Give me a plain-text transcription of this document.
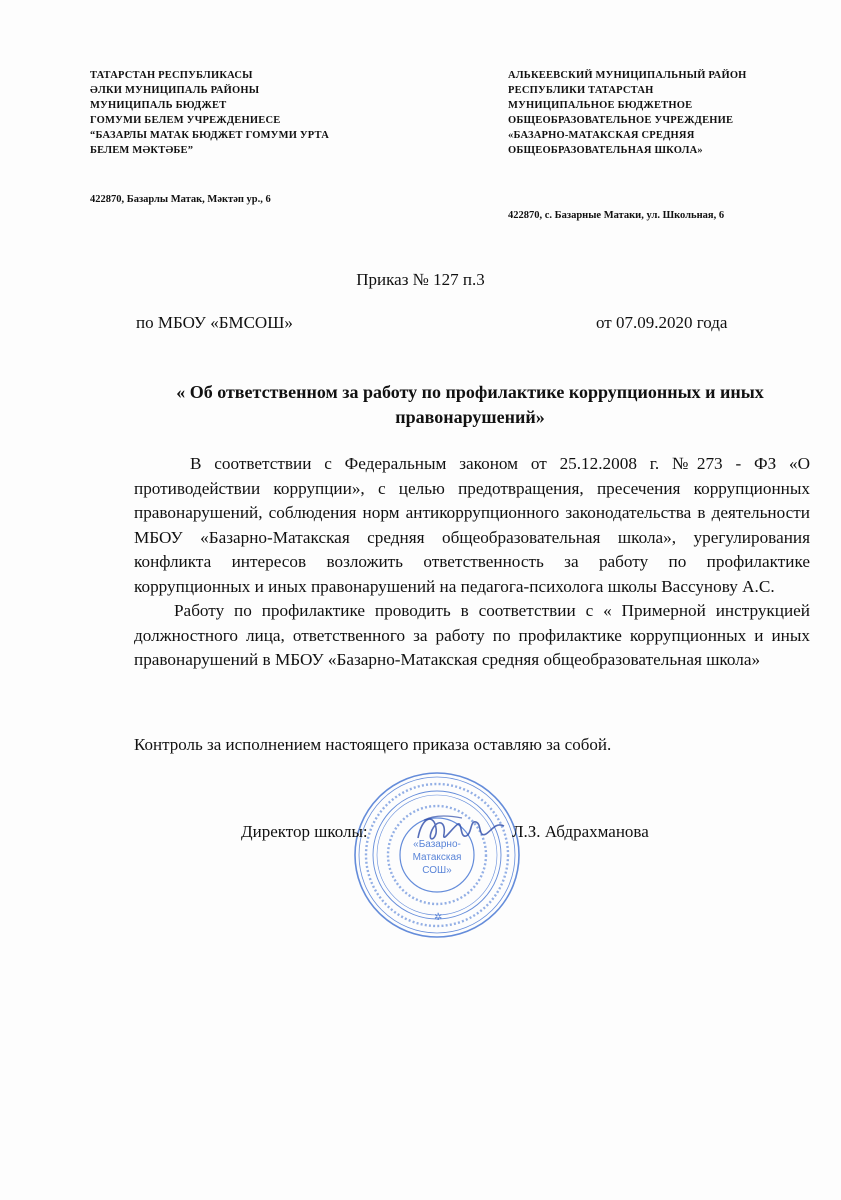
ТАТАРСТАН РЕСПУБЛИКАСЫ
ӘЛКИ МУНИЦИПАЛЬ РАЙОНЫ
МУНИЦИПАЛЬ БЮДЖЕТ
ГОМУМИ БЕЛЕМ УЧРЕЖДЕНИЕСЕ
“БАЗАРЛЫ МАТАК БЮДЖЕТ ГОМУМИ УРТА
БЕЛЕМ МӘКТӘБЕ”
422870, Базарлы Матак, Мәктәп ур., 6
АЛЬКЕЕВСКИЙ МУНИЦИПАЛЬНЫЙ РАЙОН
РЕСПУБЛИКИ ТАТАРСТАН
МУНИЦИПАЛЬНОЕ БЮДЖЕТНОЕ
ОБЩЕОБРАЗОВАТЕЛЬНОЕ УЧРЕЖДЕНИЕ
«БАЗАРНО-МАТАКСКАЯ СРЕДНЯЯ
ОБЩЕОБРАЗОВАТЕЛЬНАЯ ШКОЛА»
422870, с. Базарные Матаки, ул. Школьная, 6
Приказ № 127 п.3
по МБОУ «БМСОШ»	от 07.09.2020 года
« Об ответственном за работу по профилактике коррупционных и иных правонарушений»

В соответствии с Федеральным законом от 25.12.2008 г. №273 - ФЗ «О противодействии коррупции», с целью предотвращения, пресечения коррупционных правонарушений, соблюдения норм антикоррупционного законодательства в деятельности МБОУ «Базарно-Матакская средняя общеобразовательная школа», урегулирования конфликта интересов возложить ответственность за работу по профилактике коррупционных и иных правонарушений на педагога-психолога школы Вассунову А.С.

Работу по профилактике проводить в соответствии с « Примерной инструкцией должностного лица, ответственного за работу по профилактике коррупционных и иных правонарушений в МБОУ «Базарно-Матакская средняя общеобразовательная школа»

Контроль за исполнением настоящего приказа оставляю за собой.
«Базарно-
Матакская
СОШ»
✲
Директор школы:	Л.З. Абдрахманова
